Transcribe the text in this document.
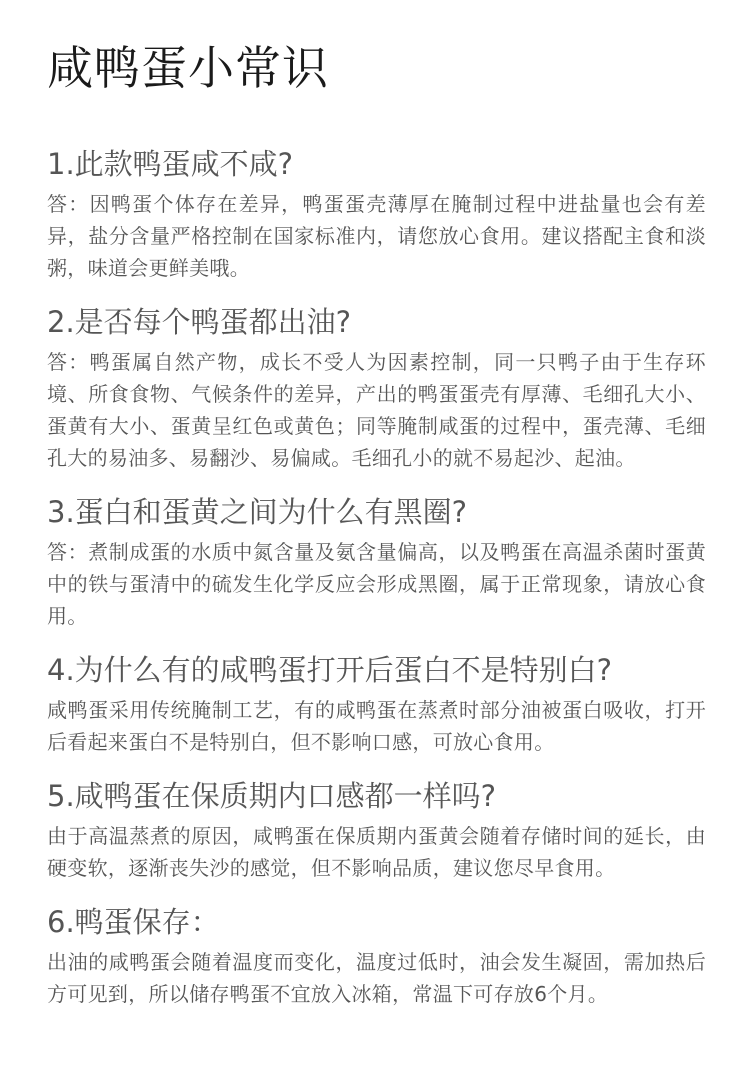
咸鸭蛋小常识
1.此款鸭蛋咸不咸?

答：因鸭蛋个体存在差异，鸭蛋蛋壳薄厚在腌制过程中进盐量也会有差异，盐分含量严格控制在国家标准内，请您放心食用。建议搭配主食和淡粥，味道会更鲜美哦。

2.是否每个鸭蛋都出油?

答：鸭蛋属自然产物，成长不受人为因素控制，同一只鸭子由于生存环境、所食食物、气候条件的差异，产出的鸭蛋蛋壳有厚薄、毛细孔大小、蛋黄有大小、蛋黄呈红色或黄色；同等腌制咸蛋的过程中，蛋壳薄、毛细孔大的易油多、易翻沙、易偏咸。毛细孔小的就不易起沙、起油。

3.蛋白和蛋黄之间为什么有黑圈?

答：煮制成蛋的水质中氮含量及氨含量偏高，以及鸭蛋在高温杀菌时蛋黄中的铁与蛋清中的硫发生化学反应会形成黑圈，属于正常现象，请放心食用。

4.为什么有的咸鸭蛋打开后蛋白不是特别白?

咸鸭蛋采用传统腌制工艺，有的咸鸭蛋在蒸煮时部分油被蛋白吸收，打开后看起来蛋白不是特别白，但不影响口感，可放心食用。

5.咸鸭蛋在保质期内口感都一样吗?

由于高温蒸煮的原因，咸鸭蛋在保质期内蛋黄会随着存储时间的延长，由硬变软，逐渐丧失沙的感觉，但不影响品质，建议您尽早食用。

6.鸭蛋保存：

出油的咸鸭蛋会随着温度而变化，温度过低时，油会发生凝固，需加热后方可见到，所以储存鸭蛋不宜放入冰箱，常温下可存放6个月。
